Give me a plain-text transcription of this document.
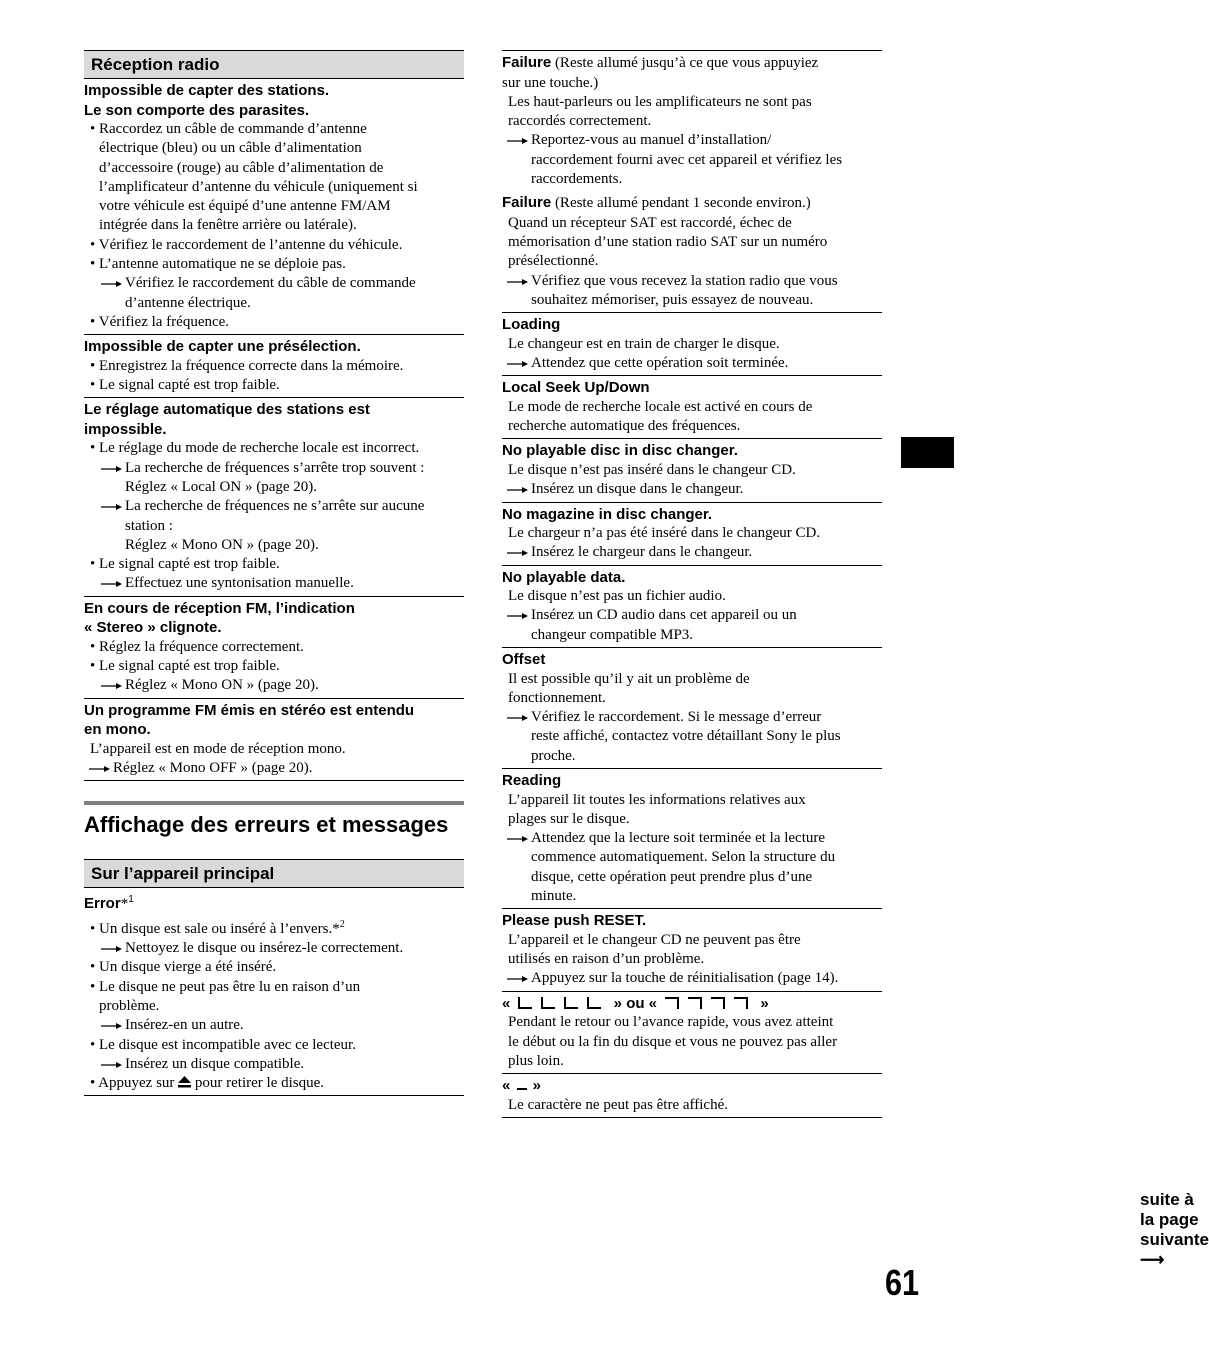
Réception radio
Impossible de capter des stations.
Le son comporte des parasites.
• Raccordez un câble de commande d’antenne
électrique (bleu) ou un câble d’alimentation
d’accessoire (rouge) au câble d’alimentation de
l’amplificateur d’antenne du véhicule (uniquement si
votre véhicule est équipé d’une antenne FM/AM
intégrée dans la fenêtre arrière ou latérale).
• Vérifiez le raccordement de l’antenne du véhicule.
• L’antenne automatique ne se déploie pas.
Vérifiez le raccordement du câble de commande
d’antenne électrique.
• Vérifiez la fréquence.
Impossible de capter une présélection.
• Enregistrez la fréquence correcte dans la mémoire.
• Le signal capté est trop faible.
Le réglage automatique des stations est
impossible.
• Le réglage du mode de recherche locale est incorrect.
La recherche de fréquences s’arrête trop souvent :
Réglez « Local ON » (page 20).
La recherche de fréquences ne s’arrête sur aucune
station :
Réglez « Mono ON » (page 20).
• Le signal capté est trop faible.
Effectuez une syntonisation manuelle.
En cours de réception FM, l’indication
« Stereo » clignote.
• Réglez la fréquence correctement.
• Le signal capté est trop faible.
Réglez « Mono ON » (page 20).
Un programme FM émis en stéréo est entendu
en mono.
L’appareil est en mode de réception mono.
Réglez « Mono OFF » (page 20).
Affichage des erreurs et messages
Sur l’appareil principal
Error*$^1$
• Un disque est sale ou inséré à l’envers.*$^2$
Nettoyez le disque ou insérez-le correctement.
• Un disque vierge a été inséré.
• Le disque ne peut pas être lu en raison d’un
problème.
Insérez-en un autre.
• Le disque est incompatible avec ce lecteur.
Insérez un disque compatible.
• Appuyez sur  pour retirer le disque.
Failure (Reste allumé jusqu’à ce que vous appuyiez
sur une touche.)
Les haut-parleurs ou les amplificateurs ne sont pas
raccordés correctement.
Reportez-vous au manuel d’installation/
raccordement fourni avec cet appareil et vérifiez les
raccordements.
Failure (Reste allumé pendant 1 seconde environ.)
Quand un récepteur SAT est raccordé, échec de
mémorisation d’une station radio SAT sur un numéro
présélectionné.
Vérifiez que vous recevez la station radio que vous
souhaitez mémoriser, puis essayez de nouveau.
Loading
Le changeur est en train de charger le disque.
Attendez que cette opération soit terminée.
Local Seek Up/Down
Le mode de recherche locale est activé en cours de
recherche automatique des fréquences.
No playable disc in disc changer.
Le disque n’est pas inséré dans le changeur CD.
Insérez un disque dans le changeur.
No magazine in disc changer.
Le chargeur n’a pas été inséré dans le changeur CD.
Insérez le chargeur dans le changeur.
No playable data.
Le disque n’est pas un fichier audio.
Insérez un CD audio dans cet appareil ou un
changeur compatible MP3.
Offset
Il est possible qu’il y ait un problème de
fonctionnement.
Vérifiez le raccordement. Si le message d’erreur
reste affiché, contactez votre détaillant Sony le plus
proche.
Reading
L’appareil lit toutes les informations relatives aux
plages sur le disque.
Attendez que la lecture soit terminée et la lecture
commence automatiquement. Selon la structure du
disque, cette opération peut prendre plus d’une
minute.
Please push RESET.
L’appareil et le changeur CD ne peuvent pas être
utilisés en raison d’un problème.
Appuyez sur la touche de réinitialisation (page 14).
«	» ou «	»
Pendant le retour ou l’avance rapide, vous avez atteint
le début ou la fin du disque et vous ne pouvez pas aller
plus loin.
«  »
Le caractère ne peut pas être affiché.
suite à la page suivante ⟶
61
